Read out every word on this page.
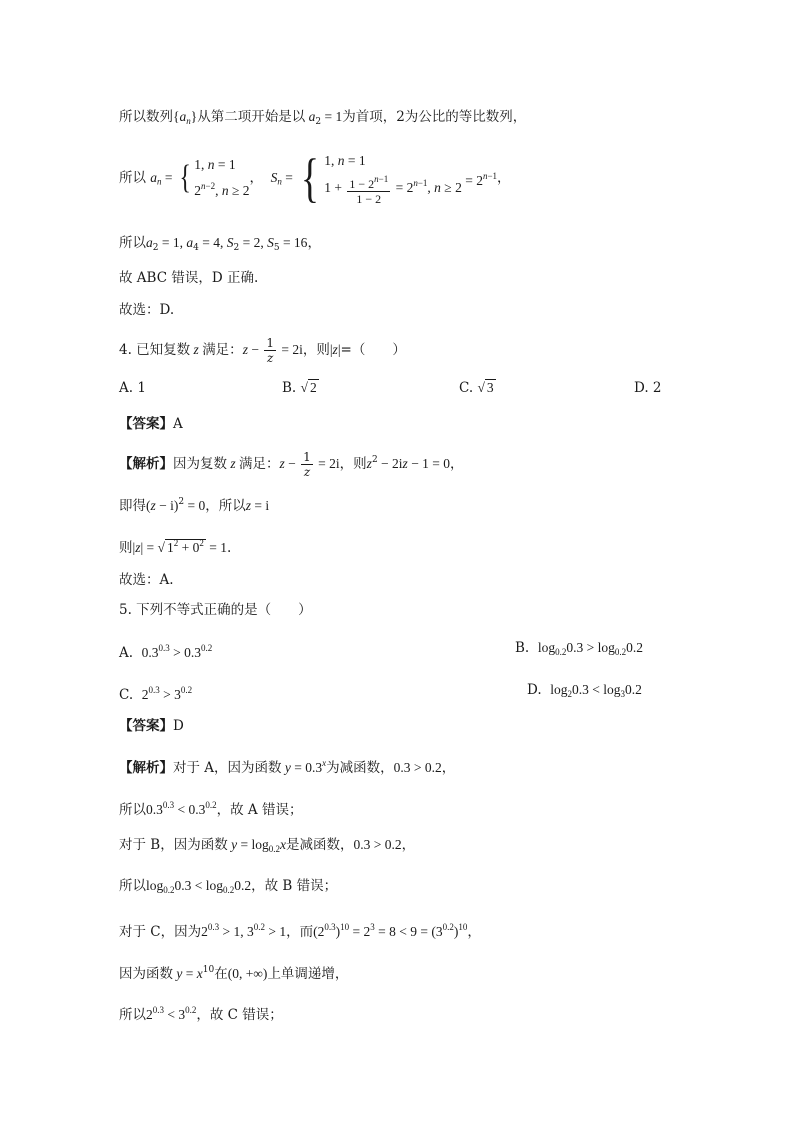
所以数列$\{a_n\}$从第二项开始是以 $a_2 = 1$为首项，2为公比的等比数列，
所以 $a_n$ = { 1, n = 1
$2^{n-2}$, n ≥ 2，  $S_n$ = { 1, n = 1
$1 + \frac{1 - 2^{n-1}}{1 - 2} = 2^{n-1}$, $n \ge 2 = 2^{n-1}$，
所以$a_2 = 1$, $a_4 = 4$, $S_2 = 2$, $S_5 = 16$，
故 ABC 错误，D 正确.
故选：D.
4. 已知复数 z 满足：$z - \frac{1}{z} = 2i$，则|z|=（　　）
A. 1	B. √ 2	C. √ 3	D. 2
【答案】A
【解析】因为复数 z 满足：$z - \frac{1}{z} = 2i$，则$z^2 - 2iz - 1 = 0$，
即得$(z - i)^2 = 0$，所以z = i
则|z| = √ $1^2 + 0^2 = 1$.
故选：A.
5. 下列不等式正确的是（　　）
A. $0.3^{0.3} > 0.3^{0.2}$	B. $\log_{0.2}0.3 > \log_{0.2}0.2$
C. $2^{0.3} > 3^{0.2}$	D. $\log_20.3 < \log_30.2$
【答案】D
【解析】对于 A，因为函数 $y = 0.3^x$为减函数，0.3 > 0.2，
所以$0.3^{0.3} < 0.3^{0.2}$，故 A 错误；
对于 B，因为函数 $y = \log_{0.2}x$是减函数，0.3 > 0.2，
所以$\log_{0.2}0.3 < \log_{0.2}0.2$，故 B 错误；
对于 C，因为$2^{0.3} > 1$, $3^{0.2} > 1$，而$(2^{0.3})^{10} = 2^3 = 8 < 9 = (3^{0.2})^{10}$，
因为函数 $y = x^{10}$在(0, +∞)上单调递增，
所以$2^{0.3} < 3^{0.2}$，故 C 错误；
